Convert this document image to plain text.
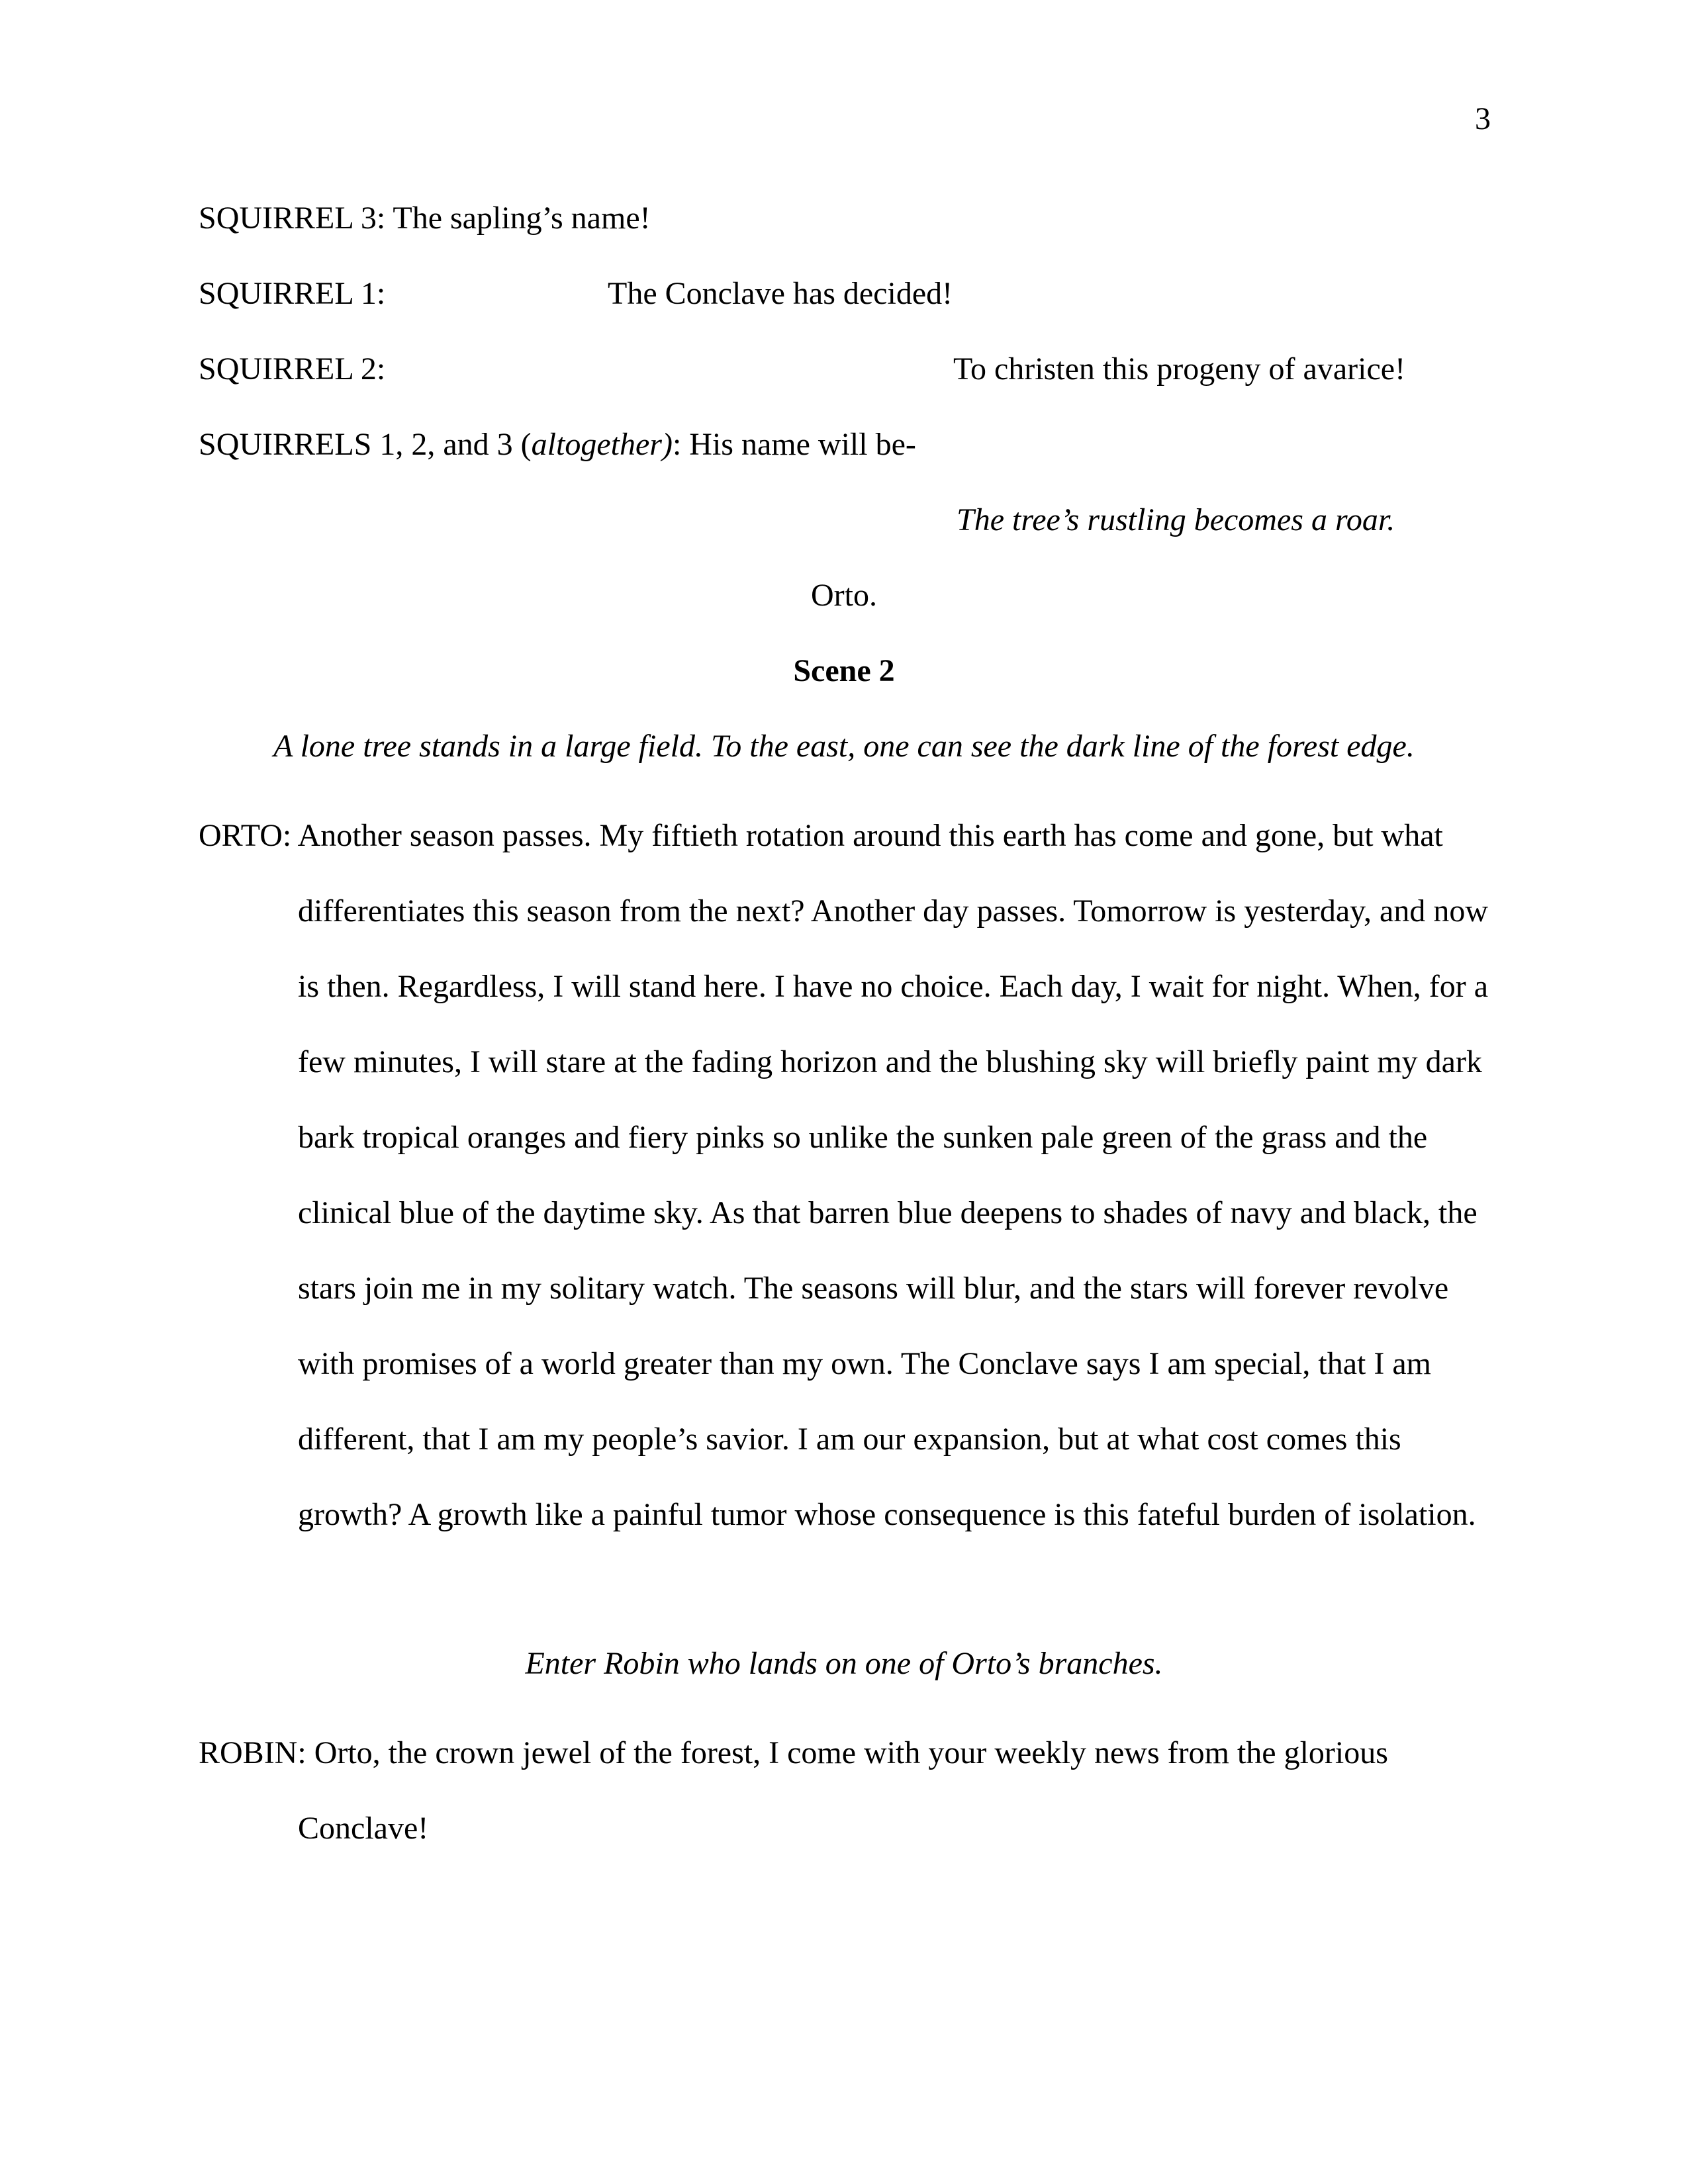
3
SQUIRREL 3: The sapling’s name!
SQUIRREL 1:	The Conclave has decided!
SQUIRREL 2:	To christen this progeny of avarice!
SQUIRRELS 1, 2, and 3 (altogether): His name will be-
The tree’s rustling becomes a roar.
Orto.
Scene 2
A lone tree stands in a large field. To the east, one can see the dark line of the forest edge.
ORTO: Another season passes. My fiftieth rotation around this earth has come and gone, but what differentiates this season from the next? Another day passes. Tomorrow is yesterday, and now is then. Regardless, I will stand here. I have no choice. Each day, I wait for night. When, for a few minutes, I will stare at the fading horizon and the blushing sky will briefly paint my dark bark tropical oranges and fiery pinks so unlike the sunken pale green of the grass and the clinical blue of the daytime sky. As that barren blue deepens to shades of navy and black, the stars join me in my solitary watch. The seasons will blur, and the stars will forever revolve with promises of a world greater than my own. The Conclave says I am special, that I am different, that I am my people’s savior. I am our expansion, but at what cost comes this growth? A growth like a painful tumor whose consequence is this fateful burden of isolation.
Enter Robin who lands on one of Orto’s branches.
ROBIN: Orto, the crown jewel of the forest, I come with your weekly news from the glorious Conclave!
